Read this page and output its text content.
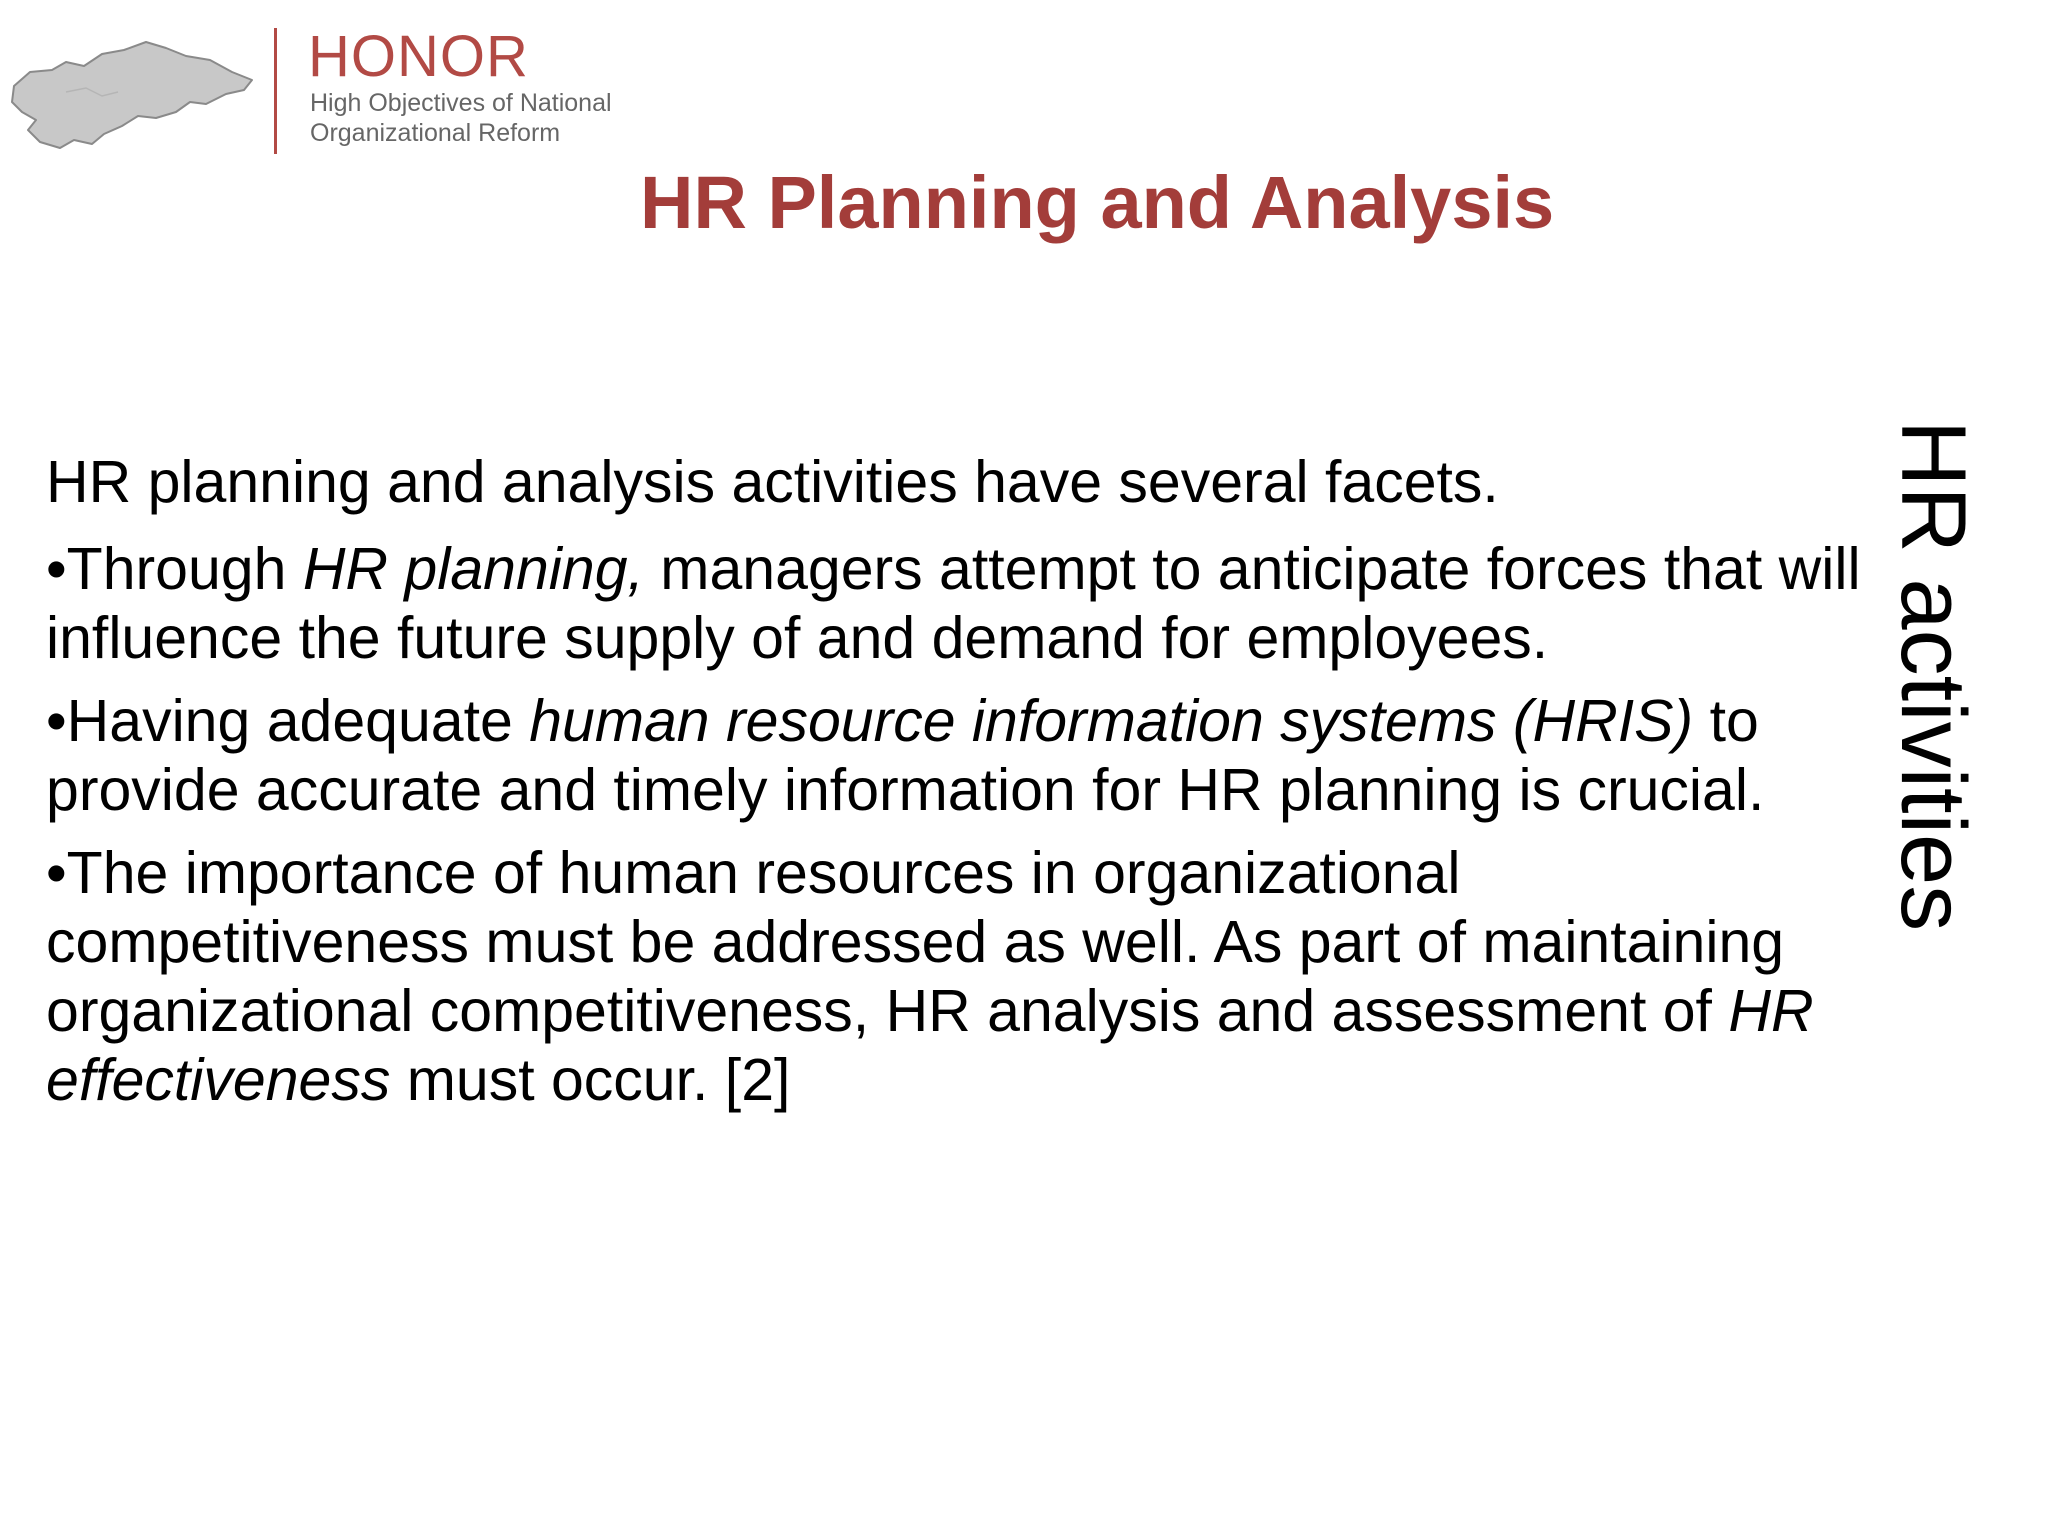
HONOR
High Objectives of National
Organizational Reform
HR Planning and Analysis

HR planning and analysis activities have several facets.

•Through HR planning, managers attempt to anticipate forces that will influence the future supply of and demand for employees.

•Having adequate human resource information systems (HRIS) to provide accurate and timely information for HR planning is crucial.

•The importance of human resources in organizational competitiveness must be addressed as well. As part of maintaining organizational competitiveness, HR analysis and assessment of HR effectiveness must occur. [2]

HR activities
